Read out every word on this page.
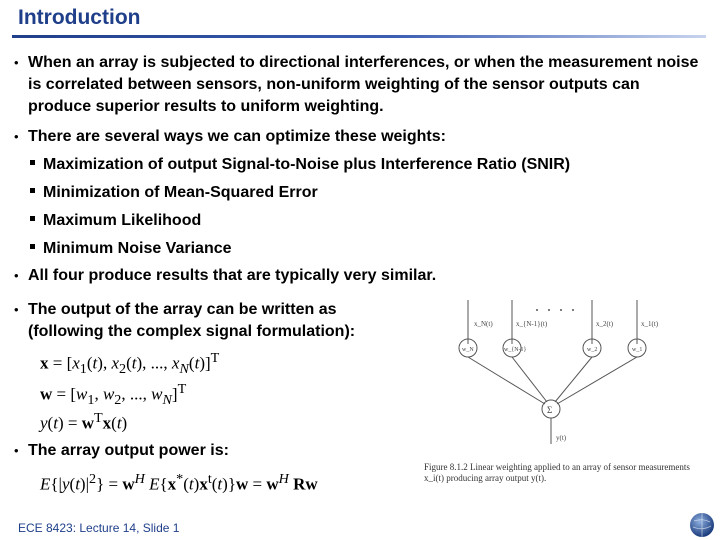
Introduction
• When an array is subjected to directional interferences, or when the measurement noise is correlated between sensors, non-uniform weighting of the sensor outputs can produce superior results to uniform weighting.
• There are several ways we can optimize these weights:
Maximization of output Signal-to-Noise plus Interference Ratio (SNIR)
Minimization of Mean-Squared Error
Maximum Likelihood
Minimum Noise Variance
• All four produce results that are typically very similar.
• The output of the array can be written as (following the complex signal formulation):
$x = [x_1(t)$, $x_2(t)$, ..., $x_N(t)]^T$
$w = [w_1$, $w_2$, ..., $w_N]^T$
$y(t) = w^Tx(t)$
• The array output power is:
$E\{|y(t)|^2\} = w^H$ $E\{x^*(t)x^t(t)\}w = w^H$ Rw
x_N(t)	x_{N-1}(t)	x_2(t)	x_1(t)
w_N	w_{N-1}	w_2	w_1
Σ
y(t)
Figure 8.1.2 Linear weighting applied to an array of sensor measurements x_i(t) producing array output y(t).
ECE 8423: Lecture 14, Slide 1
